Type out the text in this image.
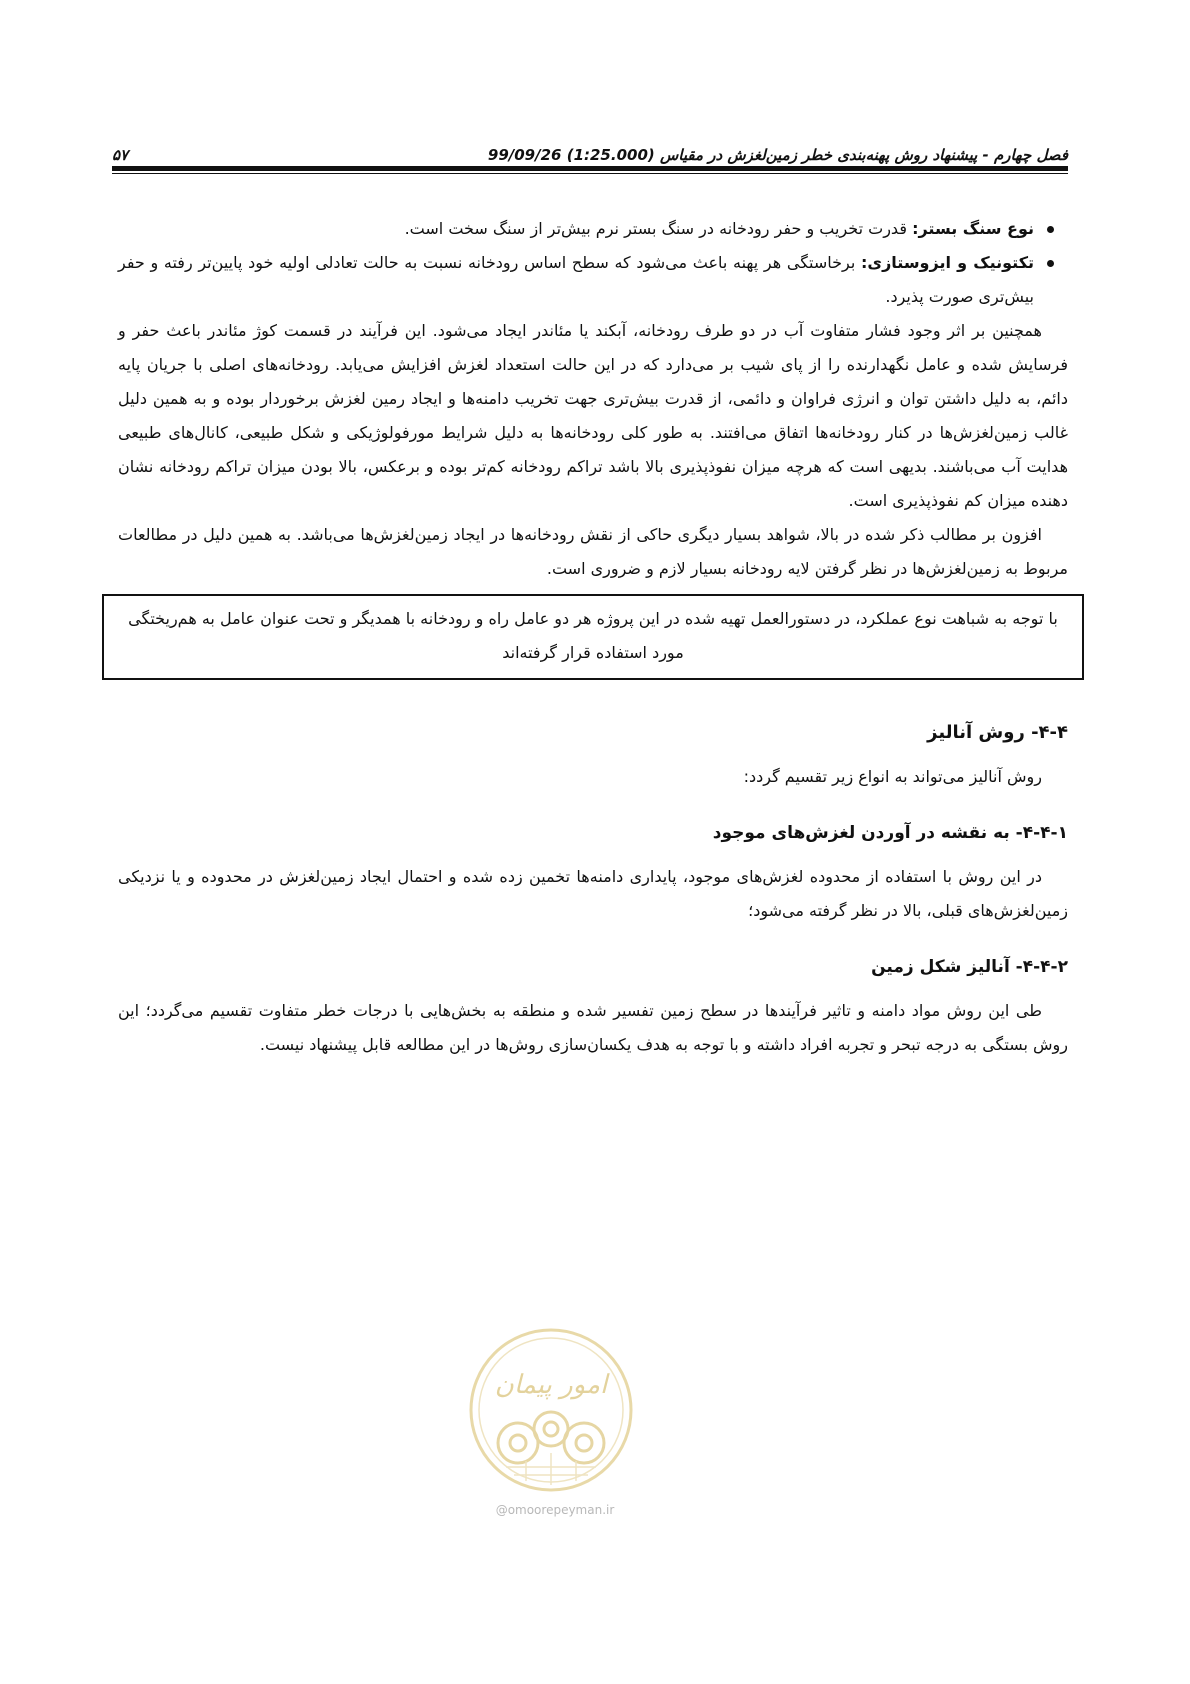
فصل چهارم - پیشنهاد روش پهنه‌بندی خطر زمین‌لغزش در مقیاس (1:25.000) 99/09/26
۵۷
نوع سنگ بستر: قدرت تخریب و حفر رودخانه در سنگ بستر نرم بیش‌تر از سنگ سخت است.
تکتونیک و ایزوستازی: برخاستگی هر پهنه باعث می‌شود که سطح اساس رودخانه نسبت به حالت تعادلی اولیه خود پایین‌تر رفته و حفر بیش‌تری صورت پذیرد.

همچنین بر اثر وجود فشار متفاوت آب در دو طرف رودخانه، آبکند یا مئاندر ایجاد می‌شود. این فرآیند در قسمت کوژ مئاندر باعث حفر و فرسایش شده و عامل نگهدارنده را از پای شیب بر می‌دارد که در این حالت استعداد لغزش افزایش می‌یابد. رودخانه‌های اصلی با جریان پایه دائم، به دلیل داشتن توان و انرژی فراوان و دائمی، از قدرت بیش‌تری جهت تخریب دامنه‌ها و ایجاد رمین لغزش برخوردار بوده و به همین دلیل غالب زمین‌لغزش‌ها در کنار رودخانه‌ها اتفاق می‌افتند. به طور کلی رودخانه‌ها به دلیل شرایط مورفولوژیکی و شکل طبیعی، کانال‌های طبیعی هدایت آب می‌باشند. بدیهی است که هرچه میزان نفوذپذیری بالا باشد تراکم رودخانه کم‌تر بوده و برعکس، بالا بودن میزان تراکم رودخانه نشان دهنده میزان کم نفوذپذیری است.

افزون بر مطالب ذکر شده در بالا، شواهد بسیار دیگری حاکی از نقش رودخانه‌ها در ایجاد زمین‌لغزش‌ها می‌باشد. به همین دلیل در مطالعات مربوط به زمین‌لغزش‌ها در نظر گرفتن لایه رودخانه بسیار لازم و ضروری است.

با توجه به شباهت نوع عملکرد، در دستورالعمل تهیه شده در این پروژه هر دو عامل راه و رودخانه با همدیگر و تحت عنوان عامل به هم‌ریختگی مورد استفاده قرار گرفته‌اند
۴-۴- روش آنالیز

روش آنالیز می‌تواند به انواع زیر تقسیم گردد:

۴-۴-۱- به نقشه در آوردن لغزش‌های موجود

در این روش با استفاده از محدوده لغزش‌های موجود، پایداری دامنه‌ها تخمین زده شده و احتمال ایجاد زمین‌لغزش در محدوده و یا نزدیکی زمین‌لغزش‌های قبلی، بالا در نظر گرفته می‌شود؛

۴-۴-۲- آنالیز شکل زمین

طی این روش مواد دامنه و تاثیر فرآیندها در سطح زمین تفسیر شده و منطقه به بخش‌هایی با درجات خطر متفاوت تقسیم می‌گردد؛ این روش بستگی به درجه تبحر و تجربه افراد داشته و با توجه به هدف یکسان‌سازی روش‌ها در این مطالعه قابل پیشنهاد نیست.

امور پیمان
@omoorepeyman.ir
